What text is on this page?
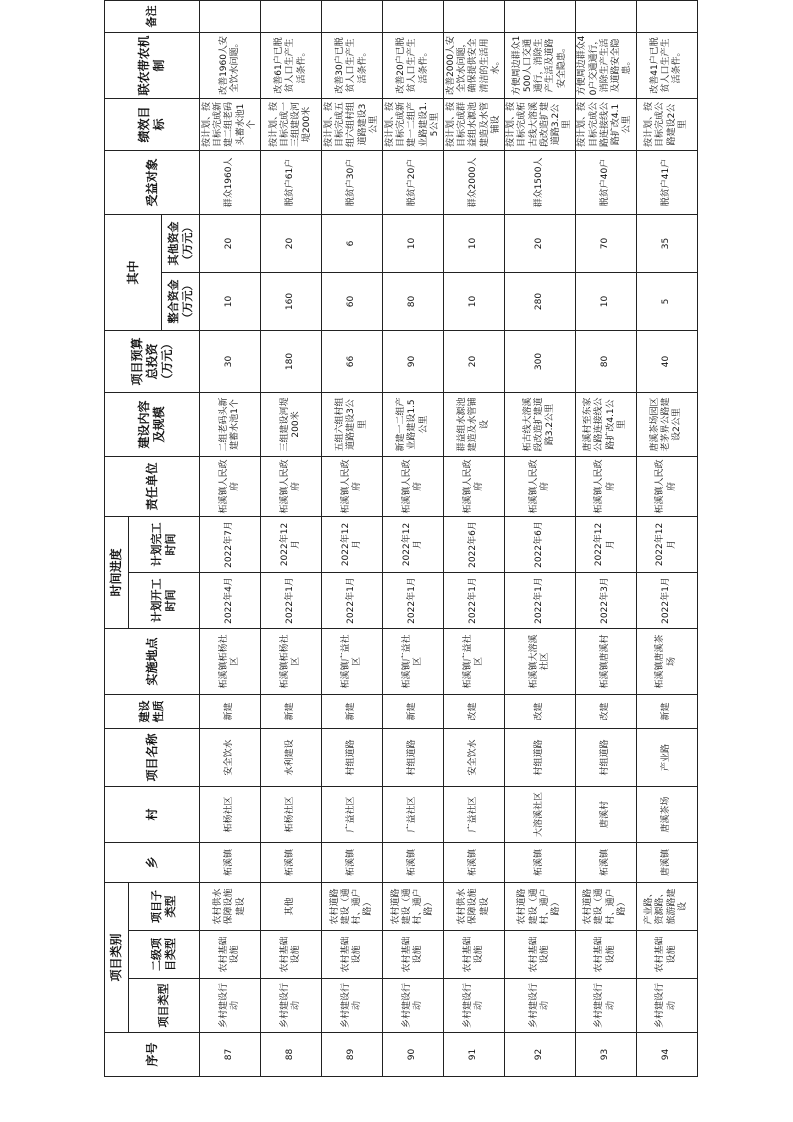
序号	项目类别			乡	村	项目名称	建设性质	实施地点	时间进度		责任单位	建设内容及规模	项目预算总投资（万元）	其中		受益对象	绩效目标	联农带农机制	备注
	项目类型	二级项目类型	项目子类型						计划开工时间	计划完工时间									
														整合资金（万元）	其他资金（万元）				
87	乡村建设行动	农村基础设施	农村供水保障设施建设	柘溪镇	柘杨社区	安全饮水	新建	柘溪镇柘杨社区	2022年4月	2022年7月	柘溪镇人民政府	二组老码头新建蓄水池1个	30	10	20	群众1960人	按计划、按目标完成新建二组老码头蓄水池1个	改善1960人安全饮水问题。	
88	乡村建设行动	农村基础设施	其他	柘溪镇	柘杨社区	水利建设	新建	柘溪镇柘杨社区	2022年1月	2022年12月	柘溪镇人民政府	三组建设河堤200米	180	160	20	脱贫户61户	按计划、按目标完成一三组建设河堤200米	改善61户已脱贫人口生产生活条件。	
89	乡村建设行动	农村基础设施	农村道路建设（通村、通户路）	柘溪镇	广益社区	村组道路	新建	柘溪镇广益社区	2022年1月	2022年12月	柘溪镇人民政府	五组六组村组道路建设3公里	66	60	6	脱贫户30户	按计划、按目标完成五组六组村组道路建设3公里	改善30户已脱贫人口生产生活条件。	
90	乡村建设行动	农村基础设施	农村道路建设（通村、通户路）	柘溪镇	广益社区	村组道路	新建	柘溪镇广益社区	2022年1月	2022年12月	柘溪镇人民政府	新建一二组产业路建设1.5公里	90	80	10	脱贫户20户	按计划、按目标完成新建一二组产业路建设1.5公里	改善20户已脱贫人口生产生活条件。	
91	乡村建设行动	农村基础设施	农村供水保障设施建设	柘溪镇	广益社区	安全饮水	改建	柘溪镇广益社区	2022年1月	2022年6月	柘溪镇人民政府	群益组水源池建造及水管铺设	20	10	10	群众2000人	按计划、按目标完成群益组水源池建造及水管铺设	改善2000人安全饮水问题，确保提供安全清洁的生活用水。	
92	乡村建设行动	农村基础设施	农村道路建设（通村、通户路）	柘溪镇	大溶溪社区	村组道路	改建	柘溪镇大溶溪社区	2022年1月	2022年6月	柘溪镇人民政府	柘古线大溶溪段改造扩建道路3.2公里	300	280	20	群众1500人	按计划、按目标完成柘古线大溶溪段改造扩建道路3.2公里	方便周边群众1500人口交通通行，消除生产生活及道路安全隐患。	
93	乡村建设行动	农村基础设施	农村道路建设（通村、通户路）	柘溪镇	唐溪村	村组道路	改建	柘溪镇唐溪村	2022年3月	2022年12月	柘溪镇人民政府	唐溪村至东家公路连接线公路扩改4.1公里	80	10	70	脱贫户40户	按计划、按目标完成公路连接线公路扩改4.1公里	方便周边群众40户交通通行，消除生产生活及道路安全隐患。	
94	乡村建设行动	农村基础设施	产业路、资源路、旅游路建设	唐溪镇	唐溪茶场	产业路	新建	柘溪镇唐溪茶场	2022年1月	2022年12月	柘溪镇人民政府	唐溪茶场园区老茅界公路建设2公里	40	5	35	脱贫户41户	按计划、按目标完成公路建设2公里	改善41户已脱贫人口生产生活条件。	
